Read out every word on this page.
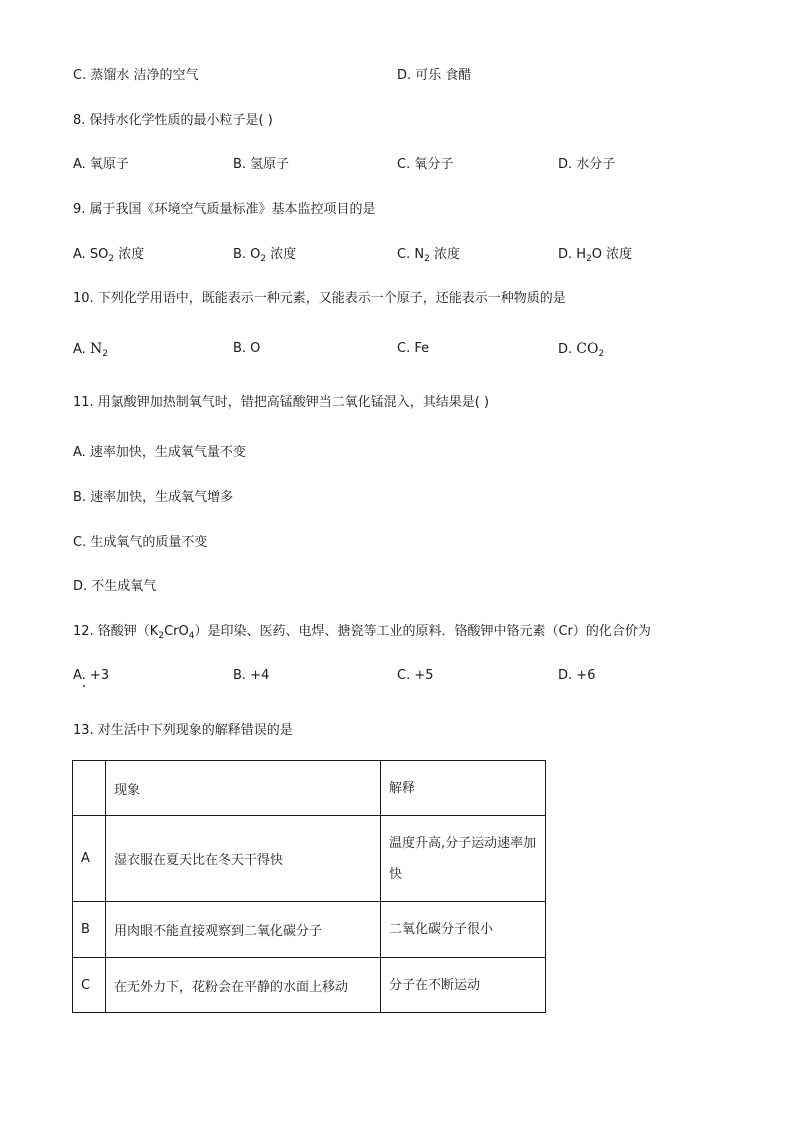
C. 蒸馏水 洁净的空气	D. 可乐 食醋
8. 保持水化学性质的最小粒子是( )
A. 氧原子	B. 氢原子	C. 氧分子	D. 水分子
9. 属于我国《环境空气质量标准》基本监控项目的是
A. $SO_2$ 浓度	B. $O_2$ 浓度	C. $N_2$ 浓度	D. $H_2O$ 浓度
10. 下列化学用语中，既能表示一种元素，又能表示一个原子，还能表示一种物质的是
A. $N_2$	B. O	C. Fe	D. $CO_2$
11. 用氯酸钾加热制氧气时，错把高锰酸钾当二氧化锰混入，其结果是( )
A. 速率加快，生成氧气量不变
B. 速率加快，生成氧气增多
C. 生成氧气的质量不变
D. 不生成氧气
12. 铬酸钾$(K_2CrO_4)$是印染、医药、电焊、搪瓷等工业的原料．铬酸钾中铬元素（Cr）的化合价为
A. +3	B. +4	C. +5	D. +6
13. 对生活中下列现象的解释错误的是
	现象	解释
A	湿衣服在夏天比在冬天干得快	温度升高,分子运动速率加快
B	用肉眼不能直接观察到二氧化碳分子	二氧化碳分子很小
C	在无外力下，花粉会在平静的水面上移动	分子在不断运动
